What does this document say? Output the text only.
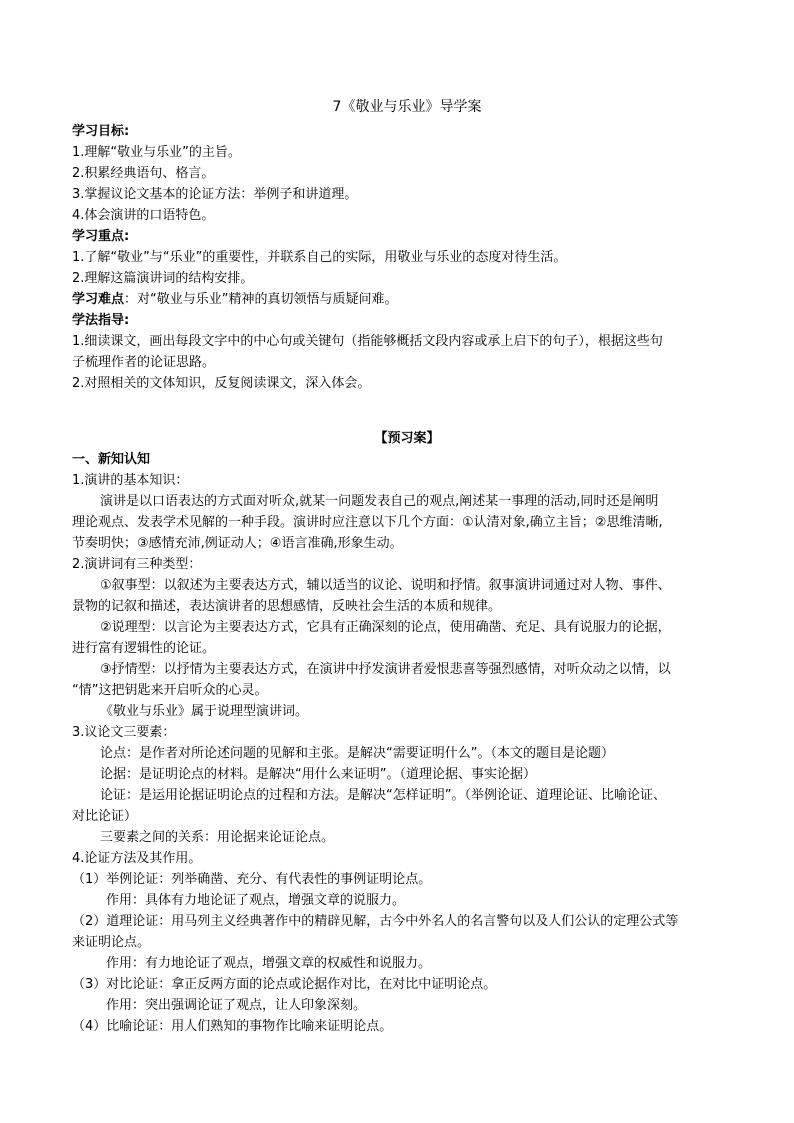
7《敬业与乐业》导学案

学习目标:

1.理解“敬业与乐业”的主旨。

2.积累经典语句、格言。

3.掌握议论文基本的论证方法：举例子和讲道理。

4.体会演讲的口语特色。

学习重点:

1.了解“敬业”与“乐业”的重要性，并联系自己的实际，用敬业与乐业的态度对待生活。

2.理解这篇演讲词的结构安排。

学习难点：对“敬业与乐业”精神的真切领悟与质疑问难。

学法指导:

1.细读课文，画出每段文字中的中心句或关键句（指能够概括文段内容或承上启下的句子），根据这些句

子梳理作者的论证思路。

2.对照相关的文体知识，反复阅读课文，深入体会。

【预习案】

一、新知认知

1.演讲的基本知识：

演讲是以口语表达的方式面对听众,就某一问题发表自己的观点,阐述某一事理的活动,同时还是阐明

理论观点、发表学术见解的一种手段。演讲时应注意以下几个方面：①认清对象,确立主旨；②思维清晰,

节奏明快；③感情充沛,例证动人；④语言准确,形象生动。

2.演讲词有三种类型：

①叙事型：以叙述为主要表达方式，辅以适当的议论、说明和抒情。叙事演讲词通过对人物、事件、

景物的记叙和描述，表达演讲者的思想感情，反映社会生活的本质和规律。

②说理型：以言论为主要表达方式，它具有正确深刻的论点，使用确凿、充足、具有说服力的论据，

进行富有逻辑性的论证。

③抒情型：以抒情为主要表达方式，在演讲中抒发演讲者爱恨悲喜等强烈感情，对听众动之以情，以

“情”这把钥匙来开启听众的心灵。

《敬业与乐业》属于说理型演讲词。

3.议论文三要素：

论点：是作者对所论述问题的见解和主张。是解决“需要证明什么”。（本文的题目是论题）

论据：是证明论点的材料。是解决“用什么来证明”。（道理论据、事实论据）

论证：是运用论据证明论点的过程和方法。是解决“怎样证明”。（举例论证、道理论证、比喻论证、

对比论证）

三要素之间的关系：用论据来论证论点。

4.论证方法及其作用。

（1）举例论证：列举确凿、充分、有代表性的事例证明论点。

作用：具体有力地论证了观点，增强文章的说服力。

（2）道理论证：用马列主义经典著作中的精辟见解，古今中外名人的名言警句以及人们公认的定理公式等

来证明论点。

作用：有力地论证了观点，增强文章的权威性和说服力。

（3）对比论证：拿正反两方面的论点或论据作对比，在对比中证明论点。

作用：突出强调论证了观点，让人印象深刻。

（4）比喻论证：用人们熟知的事物作比喻来证明论点。
